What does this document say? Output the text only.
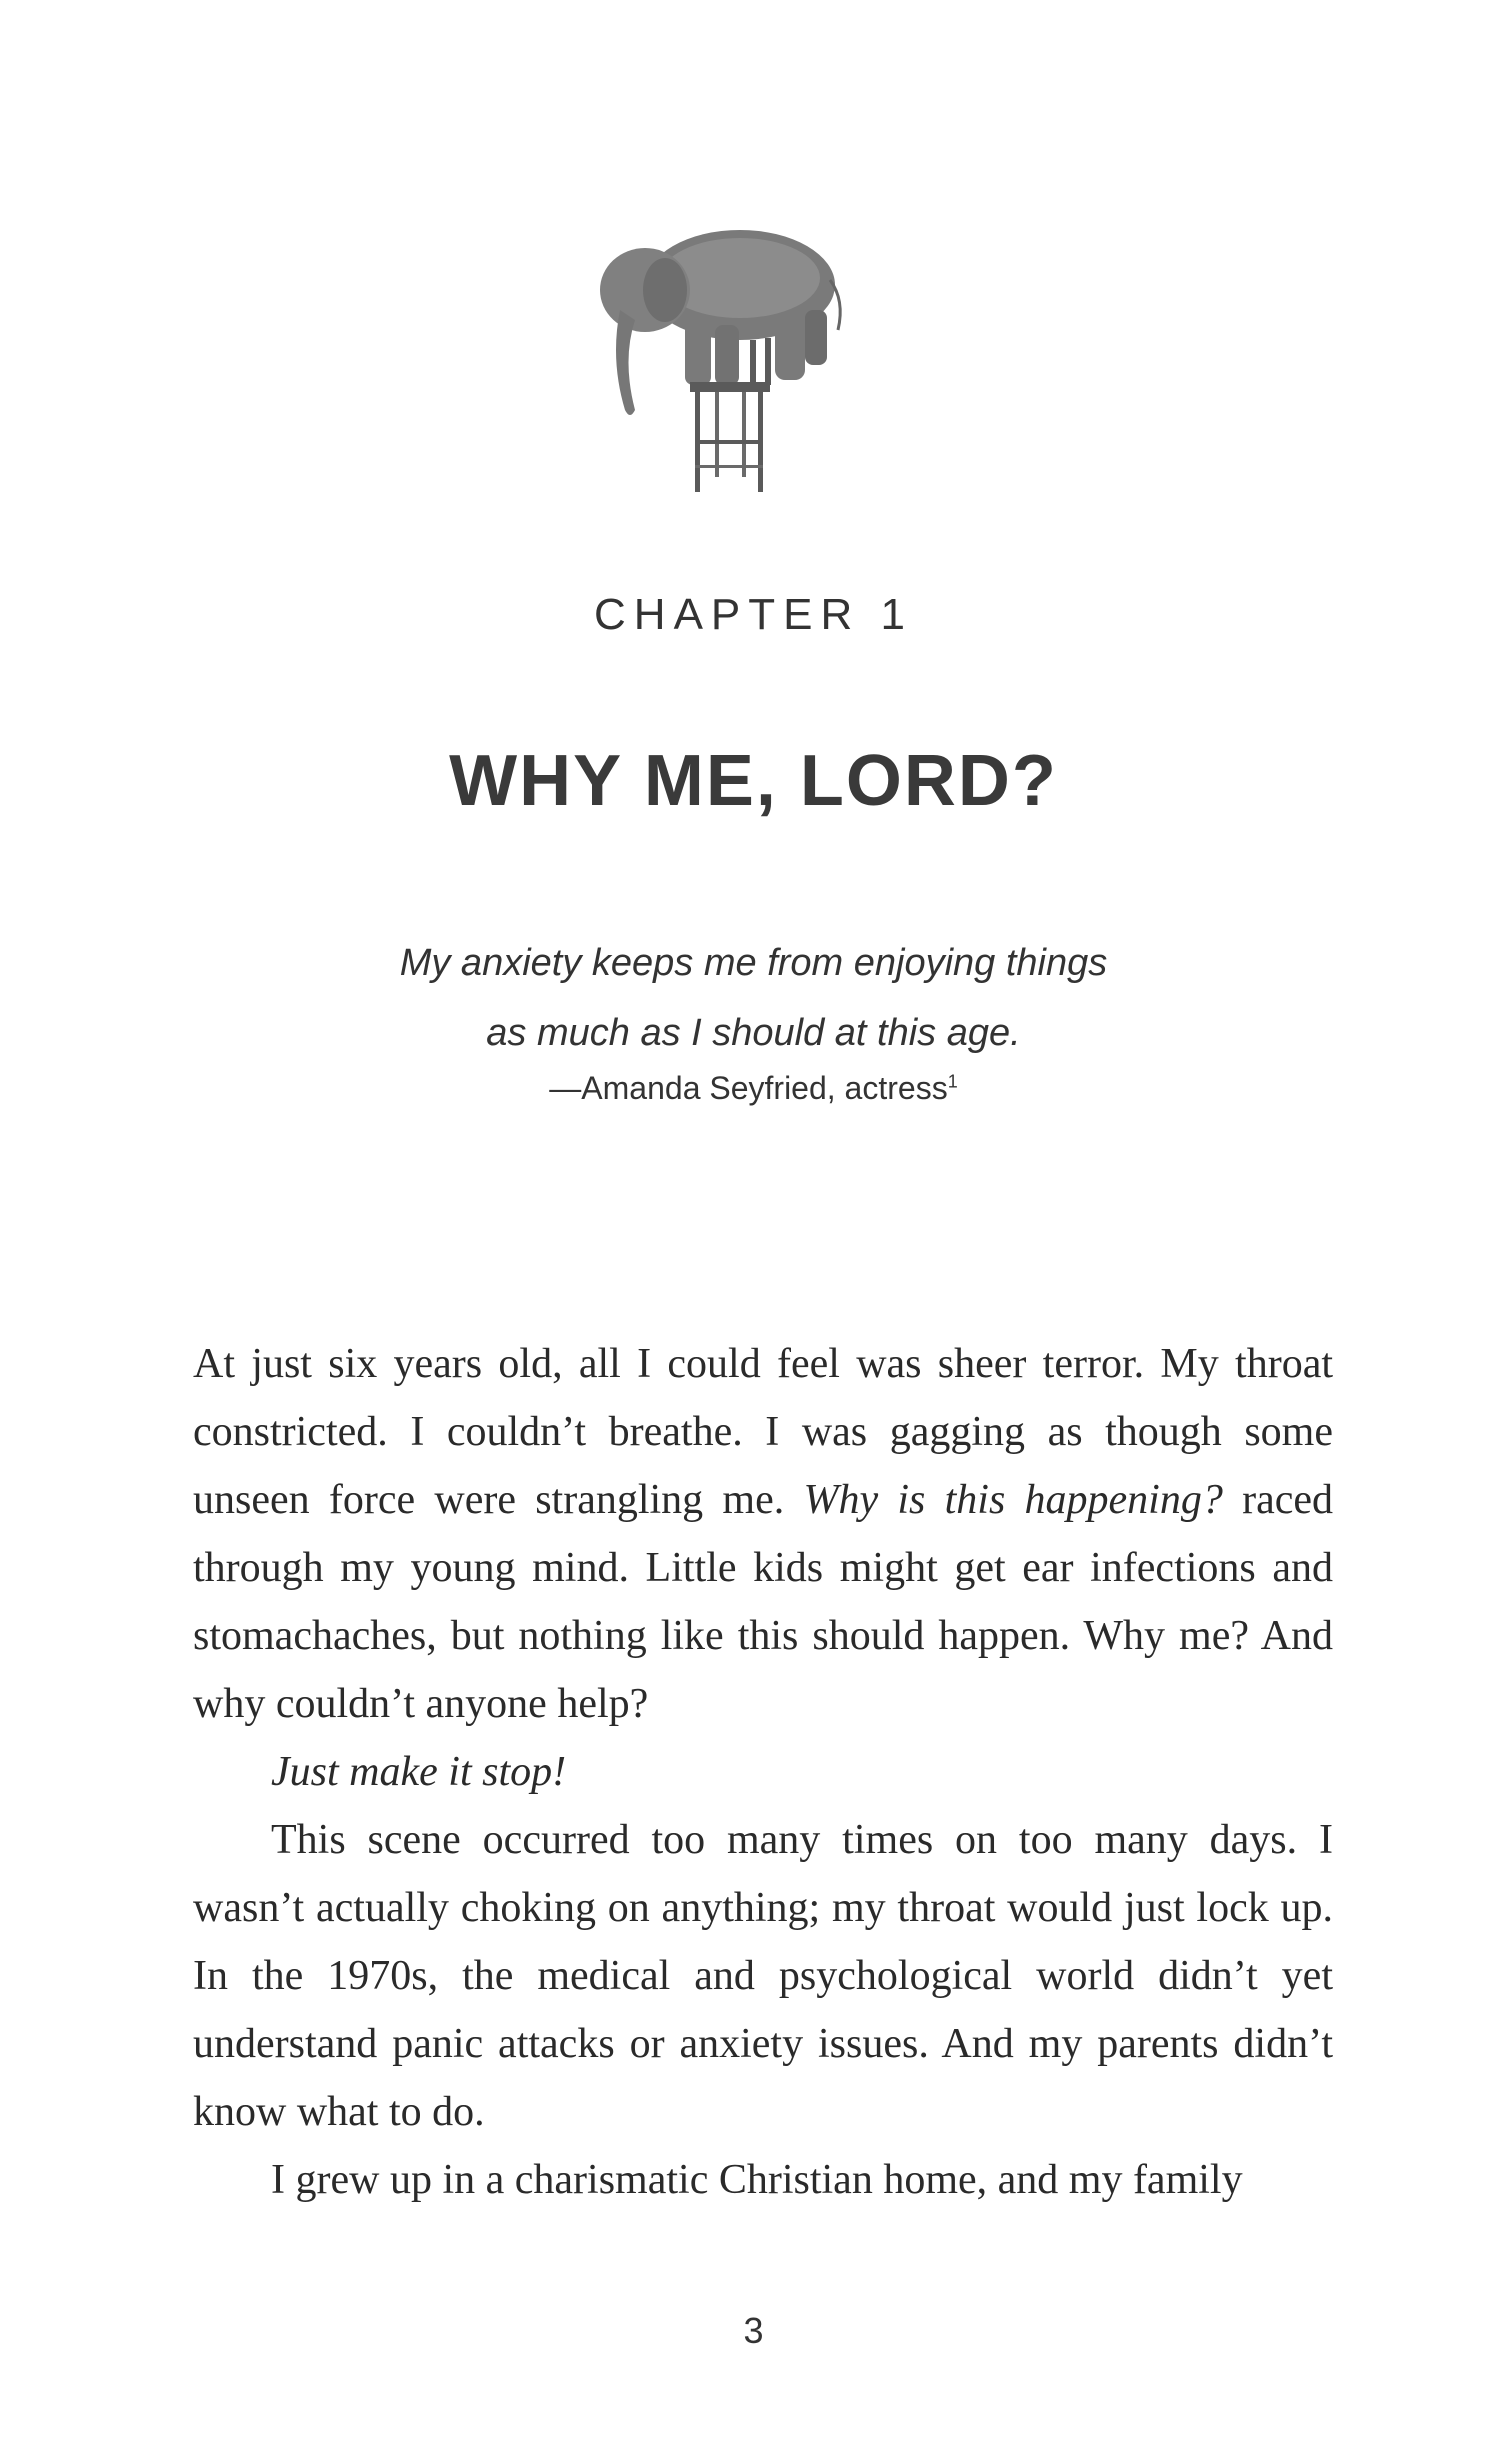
CHAPTER 1
WHY ME, LORD?
My anxiety keeps me from enjoying things
as much as I should at this age.
—Amanda Seyfried, actress$^1$

At just six years old, all I could feel was sheer terror. My throat constricted. I couldn’t breathe. I was gagging as though some unseen force were strangling me. Why is this happening? raced through my young mind. Little kids might get ear infections and stomachaches, but nothing like this should happen. Why me? And why couldn’t anyone help?

Just make it stop!

This scene occurred too many times on too many days. I wasn’t actually choking on anything; my throat would just lock up. In the 1970s, the medical and psychological world didn’t yet understand panic attacks or anxiety issues. And my parents didn’t know what to do.

I grew up in a charismatic Christian home, and my family

3
